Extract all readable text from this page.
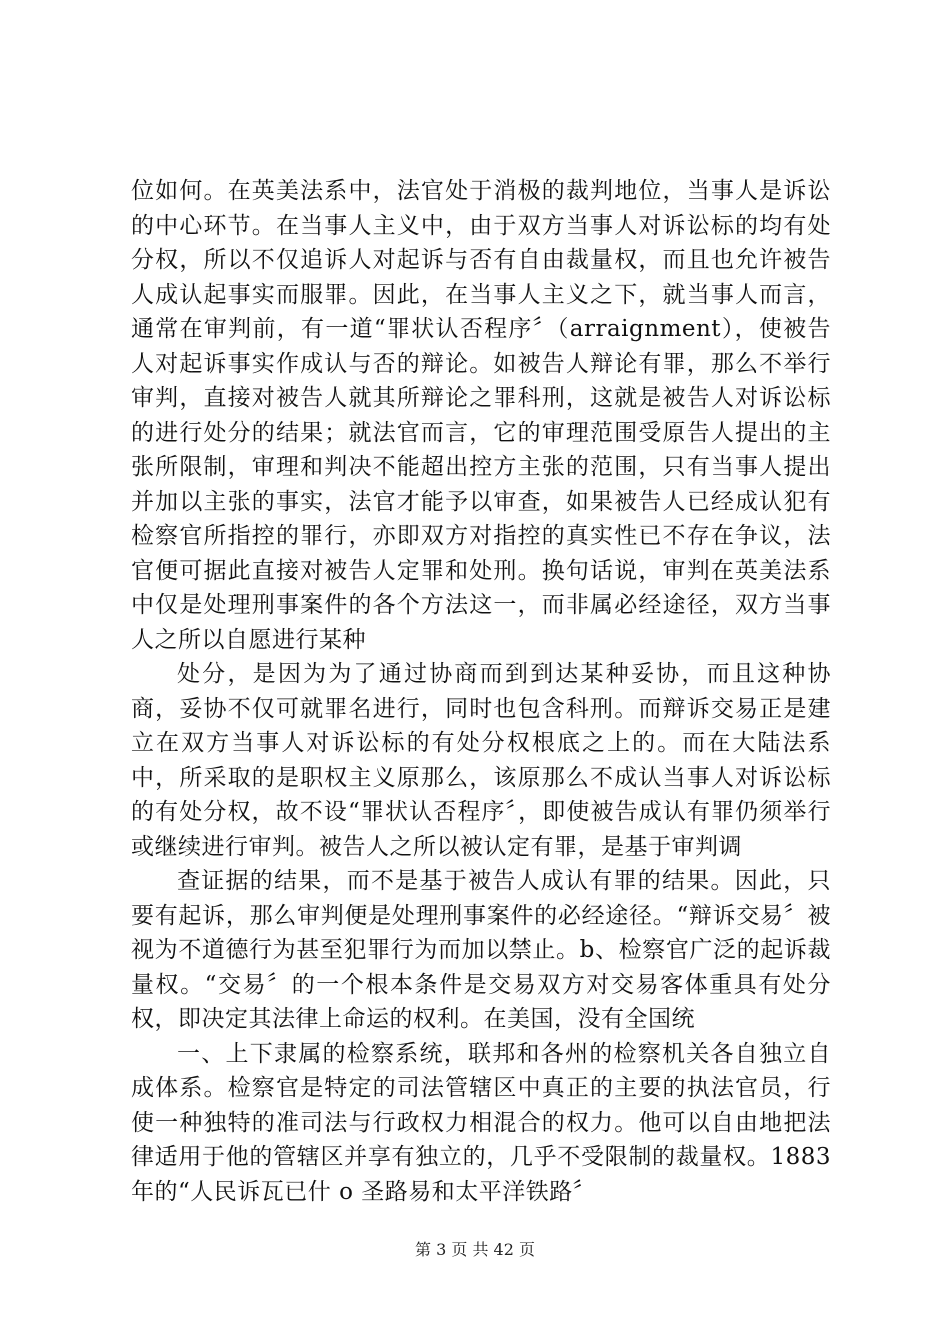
位如何。在英美法系中，法官处于消极的裁判地位，当事人是诉讼的中心环节。在当事人主义中，由于双方当事人对诉讼标的均有处分权，所以不仅追诉人对起诉与否有自由裁量权，而且也允许被告人成认起事实而服罪。因此，在当事人主义之下，就当事人而言，通常在审判前，有一道“罪状认否程序〞（arraignment），使被告人对起诉事实作成认与否的辩论。如被告人辩论有罪，那么不举行审判，直接对被告人就其所辩论之罪科刑，这就是被告人对诉讼标的进行处分的结果；就法官而言，它的审理范围受原告人提出的主张所限制，审理和判决不能超出控方主张的范围，只有当事人提出并加以主张的事实，法官才能予以审查，如果被告人已经成认犯有检察官所指控的罪行，亦即双方对指控的真实性已不存在争议，法官便可据此直接对被告人定罪和处刑。换句话说，审判在英美法系中仅是处理刑事案件的各个方法这一，而非属必经途径，双方当事人之所以自愿进行某种

处分，是因为为了通过协商而到到达某种妥协，而且这种协商，妥协不仅可就罪名进行，同时也包含科刑。而辩诉交易正是建立在双方当事人对诉讼标的有处分权根底之上的。而在大陆法系中，所采取的是职权主义原那么，该原那么不成认当事人对诉讼标的有处分权，故不设“罪状认否程序〞，即使被告成认有罪仍须举行或继续进行审判。被告人之所以被认定有罪，是基于审判调

查证据的结果，而不是基于被告人成认有罪的结果。因此，只要有起诉，那么审判便是处理刑事案件的必经途径。“辩诉交易〞被视为不道德行为甚至犯罪行为而加以禁止。b、检察官广泛的起诉裁量权。“交易〞的一个根本条件是交易双方对交易客体重具有处分权，即决定其法律上命运的权利。在美国，没有全国统

一、上下隶属的检察系统，联邦和各州的检察机关各自独立自成体系。检察官是特定的司法管辖区中真正的主要的执法官员，行使一种独特的准司法与行政权力相混合的权力。他可以自由地把法律适用于他的管辖区并享有独立的，几乎不受限制的裁量权。1883 年的“人民诉瓦已什 o 圣路易和太平洋铁路〞

第 3 页 共 42 页
